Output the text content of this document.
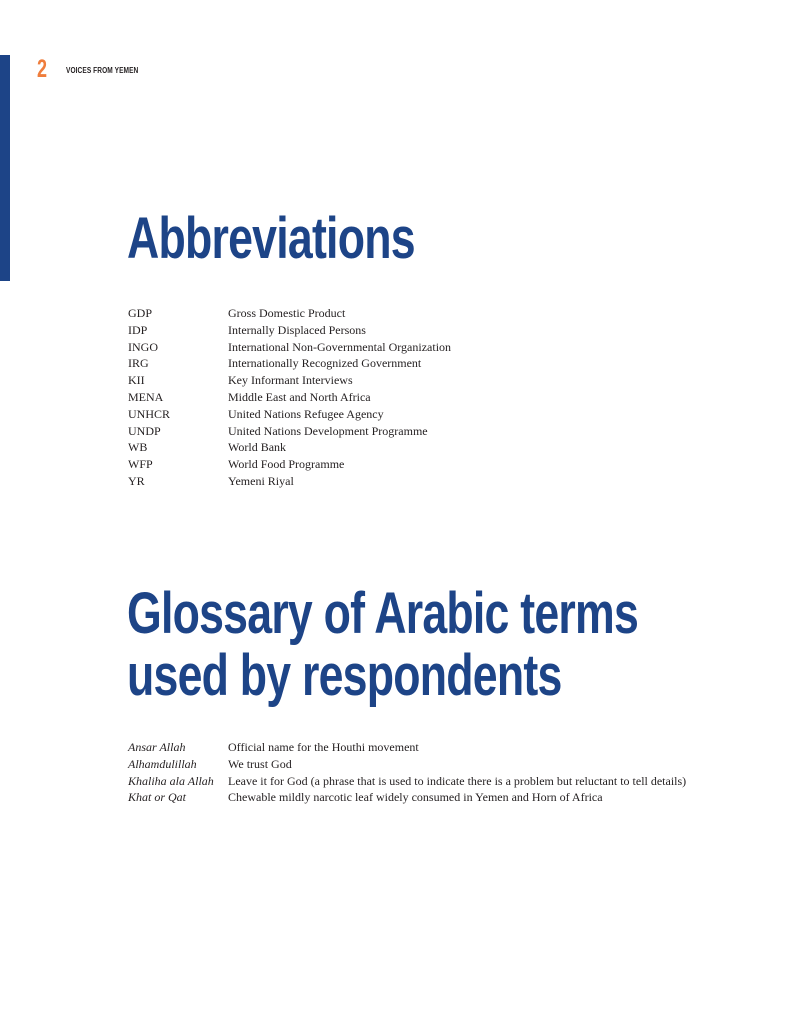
2 VOICES FROM YEMEN
Abbreviations
GDP	Gross Domestic Product
IDP	Internally Displaced Persons
INGO	International Non-Governmental Organization
IRG	Internationally Recognized Government
KII	Key Informant Interviews
MENA	Middle East and North Africa
UNHCR	United Nations Refugee Agency
UNDP	United Nations Development Programme
WB	World Bank
WFP	World Food Programme
YR	Yemeni Riyal
Glossary of Arabic terms
used by respondents
Ansar Allah	Official name for the Houthi movement
Alhamdulillah	We trust God
Khaliha ala Allah	Leave it for God (a phrase that is used to indicate there is a problem but reluctant to tell details)
Khat or Qat	Chewable mildly narcotic leaf widely consumed in Yemen and Horn of Africa
